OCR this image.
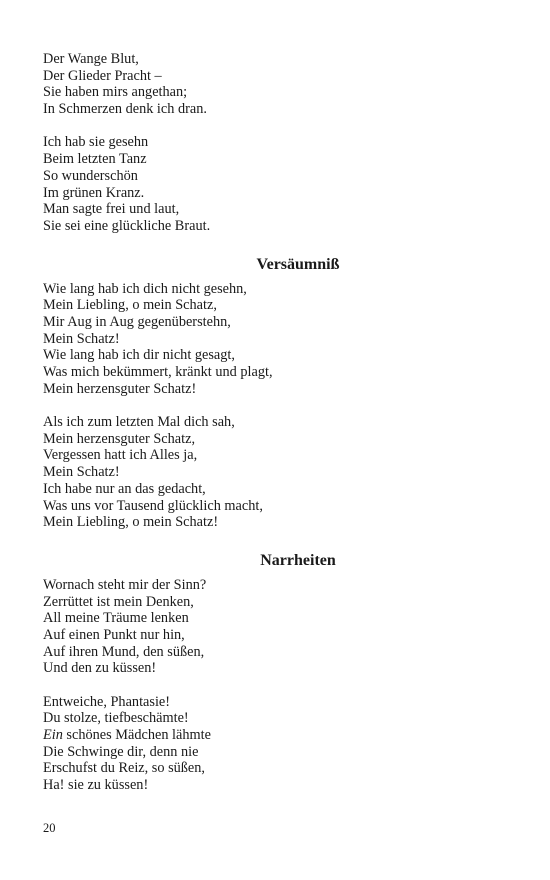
Der Wange Blut,
Der Glieder Pracht –
Sie haben mirs angethan;
In Schmerzen denk ich dran.
Ich hab sie gesehn
Beim letzten Tanz
So wunderschön
Im grünen Kranz.
Man sagte frei und laut,
Sie sei eine glückliche Braut.
Versäumniß
Wie lang hab ich dich nicht gesehn,
Mein Liebling, o mein Schatz,
Mir Aug in Aug gegenüberstehn,
Mein Schatz!
Wie lang hab ich dir nicht gesagt,
Was mich bekümmert, kränkt und plagt,
Mein herzensguter Schatz!
Als ich zum letzten Mal dich sah,
Mein herzensguter Schatz,
Vergessen hatt ich Alles ja,
Mein Schatz!
Ich habe nur an das gedacht,
Was uns vor Tausend glücklich macht,
Mein Liebling, o mein Schatz!
Narrheiten
Wornach steht mir der Sinn?
Zerrüttet ist mein Denken,
All meine Träume lenken
Auf einen Punkt nur hin,
Auf ihren Mund, den süßen,
Und den zu küssen!
Entweiche, Phantasie!
Du stolze, tiefbeschämte!
Ein schönes Mädchen lähmte
Die Schwinge dir, denn nie
Erschufst du Reiz, so süßen,
Ha! sie zu küssen!
20
